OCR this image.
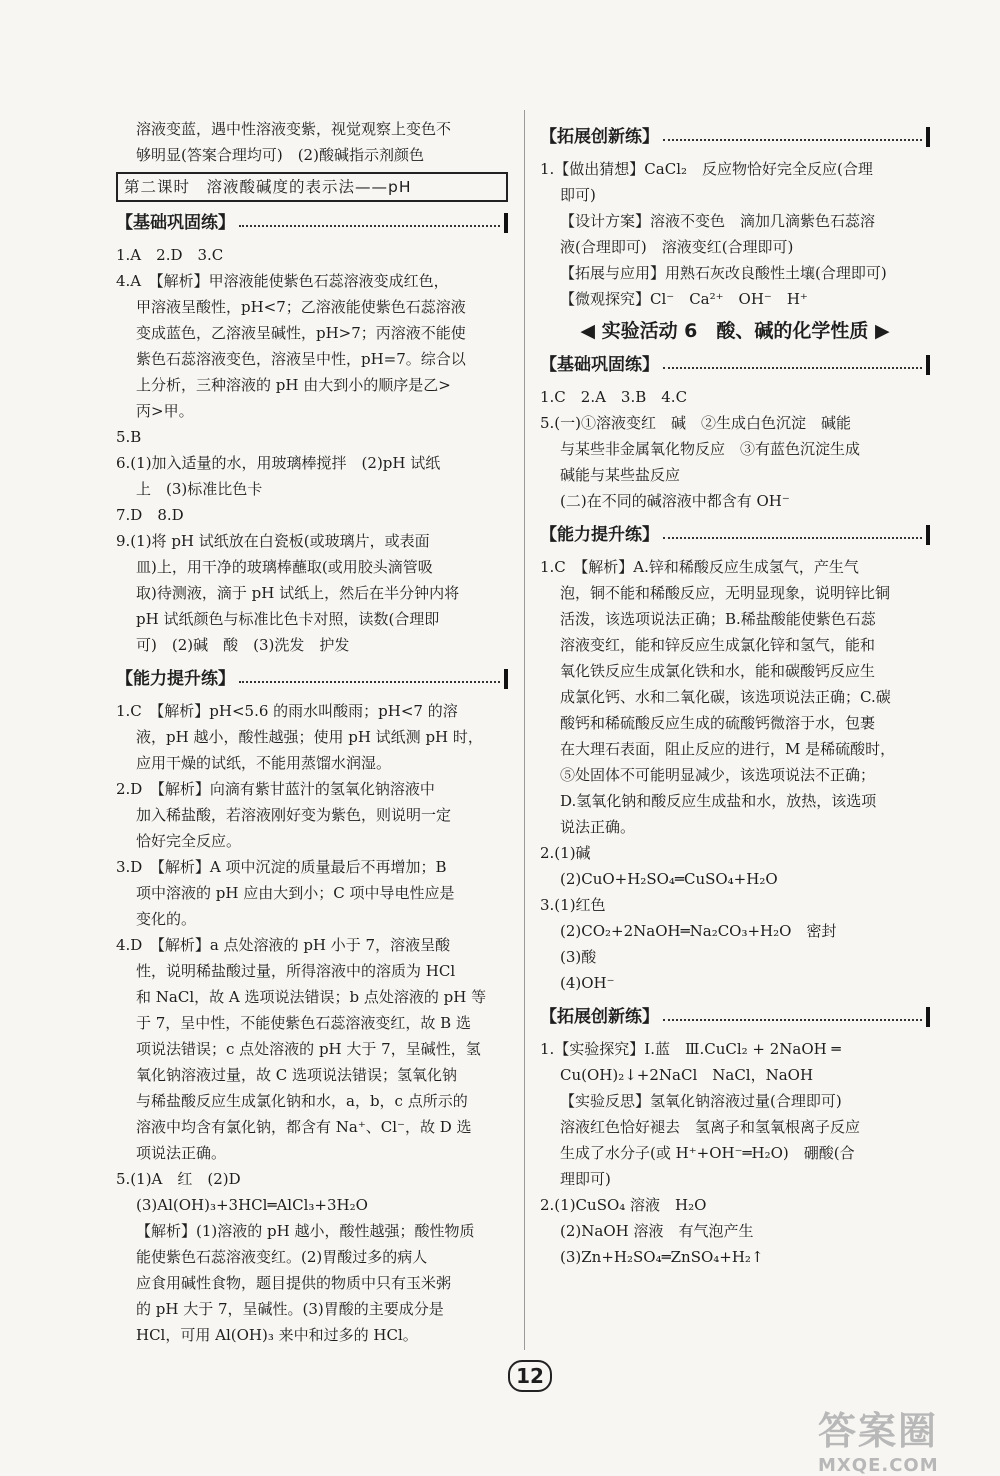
溶液变蓝，遇中性溶液变紫，视觉观察上变色不
够明显(答案合理均可)　(2)酸碱指示剂颜色
第二课时　溶液酸碱度的表示法——pH
【基础巩固练】
1.A　2.D　3.C
4.A　【解析】甲溶液能使紫色石蕊溶液变成红色，
甲溶液呈酸性，pH<7；乙溶液能使紫色石蕊溶液
变成蓝色，乙溶液呈碱性，pH>7；丙溶液不能使
紫色石蕊溶液变色，溶液呈中性，pH=7。综合以
上分析，三种溶液的 pH 由大到小的顺序是乙>
丙>甲。
5.B
6.(1)加入适量的水，用玻璃棒搅拌　(2)pH 试纸
上　(3)标准比色卡
7.D　8.D
9.(1)将 pH 试纸放在白瓷板(或玻璃片，或表面
皿)上，用干净的玻璃棒蘸取(或用胶头滴管吸
取)待测液，滴于 pH 试纸上，然后在半分钟内将
pH 试纸颜色与标准比色卡对照，读数(合理即
可)　(2)碱　酸　(3)洗发　护发
【能力提升练】
1.C　【解析】pH<5.6 的雨水叫酸雨；pH<7 的溶
液，pH 越小，酸性越强；使用 pH 试纸测 pH 时，
应用干燥的试纸，不能用蒸馏水润湿。
2.D　【解析】向滴有紫甘蓝汁的氢氧化钠溶液中
加入稀盐酸，若溶液刚好变为紫色，则说明一定
恰好完全反应。
3.D　【解析】A 项中沉淀的质量最后不再增加；B
项中溶液的 pH 应由大到小；C 项中导电性应是
变化的。
4.D　【解析】a 点处溶液的 pH 小于 7，溶液呈酸
性，说明稀盐酸过量，所得溶液中的溶质为 HCl
和 NaCl，故 A 选项说法错误；b 点处溶液的 pH 等
于 7，呈中性，不能使紫色石蕊溶液变红，故 B 选
项说法错误；c 点处溶液的 pH 大于 7，呈碱性，氢
氧化钠溶液过量，故 C 选项说法错误；氢氧化钠
与稀盐酸反应生成氯化钠和水，a，b，c 点所示的
溶液中均含有氯化钠，都含有 Na⁺、Cl⁻，故 D 选
项说法正确。
5.(1)A　红　(2)D
(3)Al(OH)₃+3HCl═AlCl₃+3H₂O
【解析】(1)溶液的 pH 越小，酸性越强；酸性物质
能使紫色石蕊溶液变红。(2)胃酸过多的病人
应食用碱性食物，题目提供的物质中只有玉米粥
的 pH 大于 7，呈碱性。(3)胃酸的主要成分是
HCl，可用 Al(OH)₃ 来中和过多的 HCl。
【拓展创新练】
1.【做出猜想】CaCl₂　反应物恰好完全反应(合理
即可)
【设计方案】溶液不变色　滴加几滴紫色石蕊溶
液(合理即可)　溶液变红(合理即可)
【拓展与应用】用熟石灰改良酸性土壤(合理即可)
【微观探究】Cl⁻　Ca²⁺　OH⁻　H⁺
◀ 实验活动 6　酸、碱的化学性质 ▶
【基础巩固练】
1.C　2.A　3.B　4.C
5.(一)①溶液变红　碱　②生成白色沉淀　碱能
与某些非金属氧化物反应　③有蓝色沉淀生成
碱能与某些盐反应
(二)在不同的碱溶液中都含有 OH⁻
【能力提升练】
1.C　【解析】A.锌和稀酸反应生成氢气，产生气
泡，铜不能和稀酸反应，无明显现象，说明锌比铜
活泼，该选项说法正确；B.稀盐酸能使紫色石蕊
溶液变红，能和锌反应生成氯化锌和氢气，能和
氧化铁反应生成氯化铁和水，能和碳酸钙反应生
成氯化钙、水和二氧化碳，该选项说法正确；C.碳
酸钙和稀硫酸反应生成的硫酸钙微溶于水，包裹
在大理石表面，阻止反应的进行，M 是稀硫酸时，
⑤处固体不可能明显减少，该选项说法不正确；
D.氢氧化钠和酸反应生成盐和水，放热，该选项
说法正确。
2.(1)碱
(2)CuO+H₂SO₄═CuSO₄+H₂O
3.(1)红色
(2)CO₂+2NaOH═Na₂CO₃+H₂O　密封
(3)酸
(4)OH⁻
【拓展创新练】
1.【实验探究】Ⅰ.蓝　Ⅲ.CuCl₂ + 2NaOH ═
Cu(OH)₂↓+2NaCl　NaCl，NaOH
【实验反思】氢氧化钠溶液过量(合理即可)
溶液红色恰好褪去　氢离子和氢氧根离子反应
生成了水分子(或 H⁺+OH⁻═H₂O)　硼酸(合
理即可)
2.(1)CuSO₄ 溶液　H₂O
(2)NaOH 溶液　有气泡产生
(3)Zn+H₂SO₄═ZnSO₄+H₂↑
12
答案圈
MXQE.COM
